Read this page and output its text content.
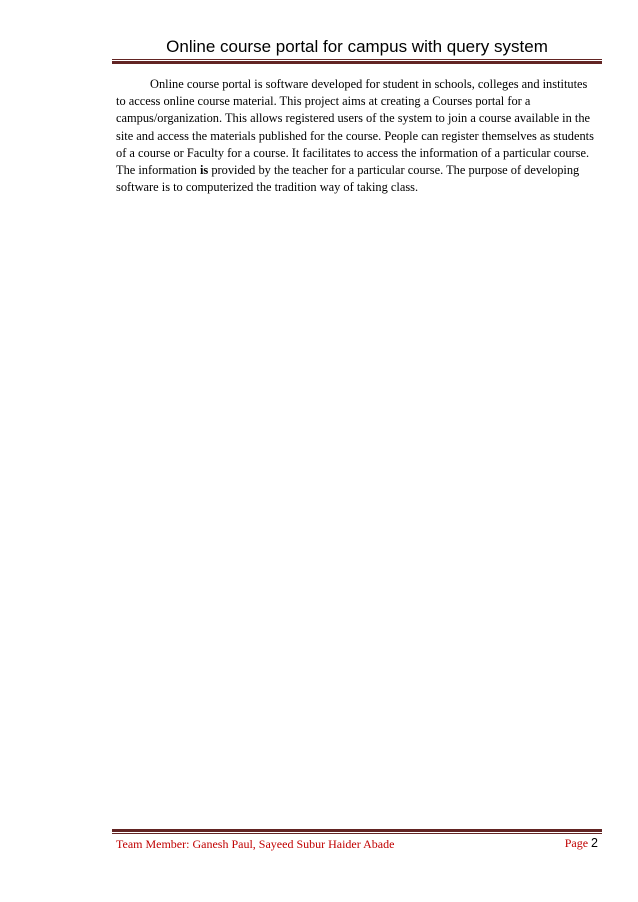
Online course portal for campus with query system

Online course portal is software developed for student in schools, colleges and institutes to access online course material. This project aims at creating a Courses portal for a campus/organization. This allows registered users of the system to join a course available in the site and access the materials published for the course. People can register themselves as students of a course or Faculty for a course. It facilitates to access the information of a particular course. The information is provided by the teacher for a particular course. The purpose of developing software is to computerized the tradition way of taking class.

Team Member: Ganesh Paul, Sayeed Subur Haider Abade	Page 2
